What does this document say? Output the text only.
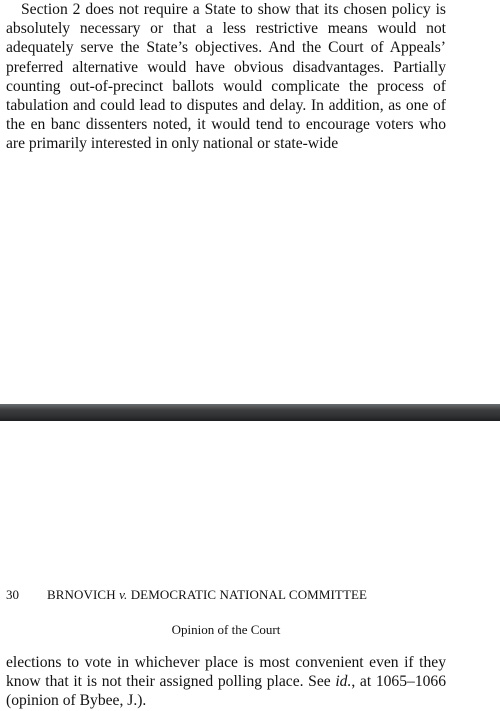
Section 2 does not require a State to show that its chosen policy is absolutely necessary or that a less restrictive means would not adequately serve the State’s objectives. And the Court of Appeals’ preferred alternative would have obvious disadvantages. Partially counting out-of-precinct ballots would complicate the process of tabulation and could lead to disputes and delay. In addition, as one of the en banc dissenters noted, it would tend to encourage voters who are primarily interested in only national or state-wide

30 BRNOVICH v. DEMOCRATIC NATIONAL COMMITTEE
Opinion of the Court

elections to vote in whichever place is most convenient even if they know that it is not their assigned polling place. See id., at 1065–1066 (opinion of Bybee, J.).
